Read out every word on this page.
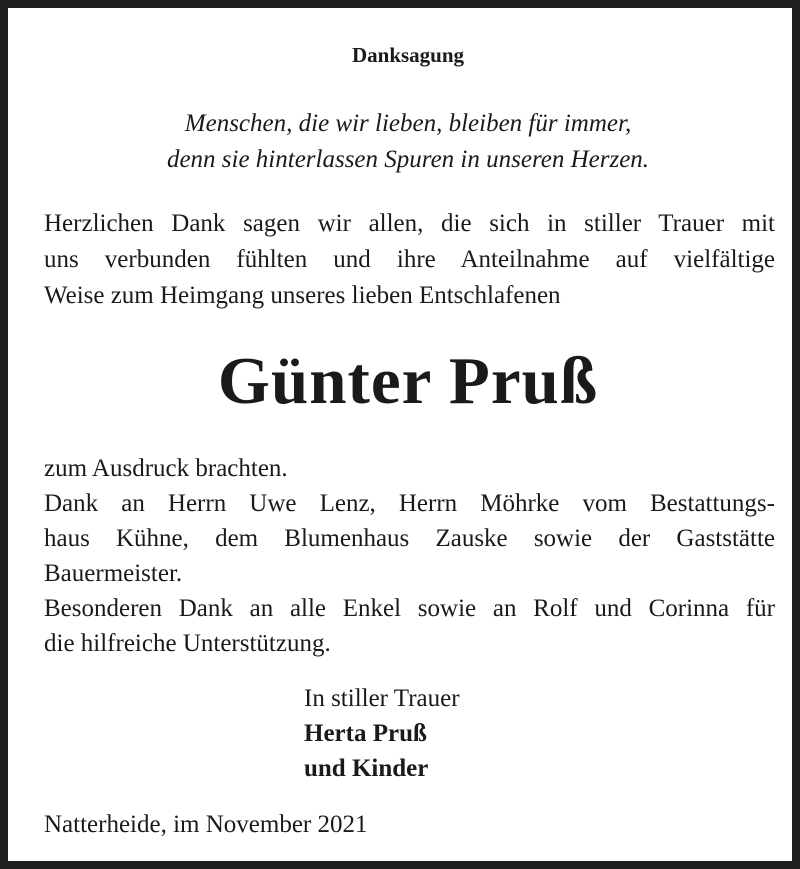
Danksagung
Menschen, die wir lieben, bleiben für immer,
denn sie hinterlassen Spuren in unseren Herzen.
Herzlichen Dank sagen wir allen, die sich in stiller Trauer mit
uns verbunden fühlten und ihre Anteilnahme auf vielfältige
Weise zum Heimgang unseres lieben Entschlafenen
Günter Pruß
zum Ausdruck brachten.
Dank an Herrn Uwe Lenz, Herrn Möhrke vom Bestattungs-
haus Kühne, dem Blumenhaus Zauske sowie der Gaststätte
Bauermeister.
Besonderen Dank an alle Enkel sowie an Rolf und Corinna für
die hilfreiche Unterstützung.
In stiller Trauer
Herta Pruß
und Kinder
Natterheide, im November 2021
